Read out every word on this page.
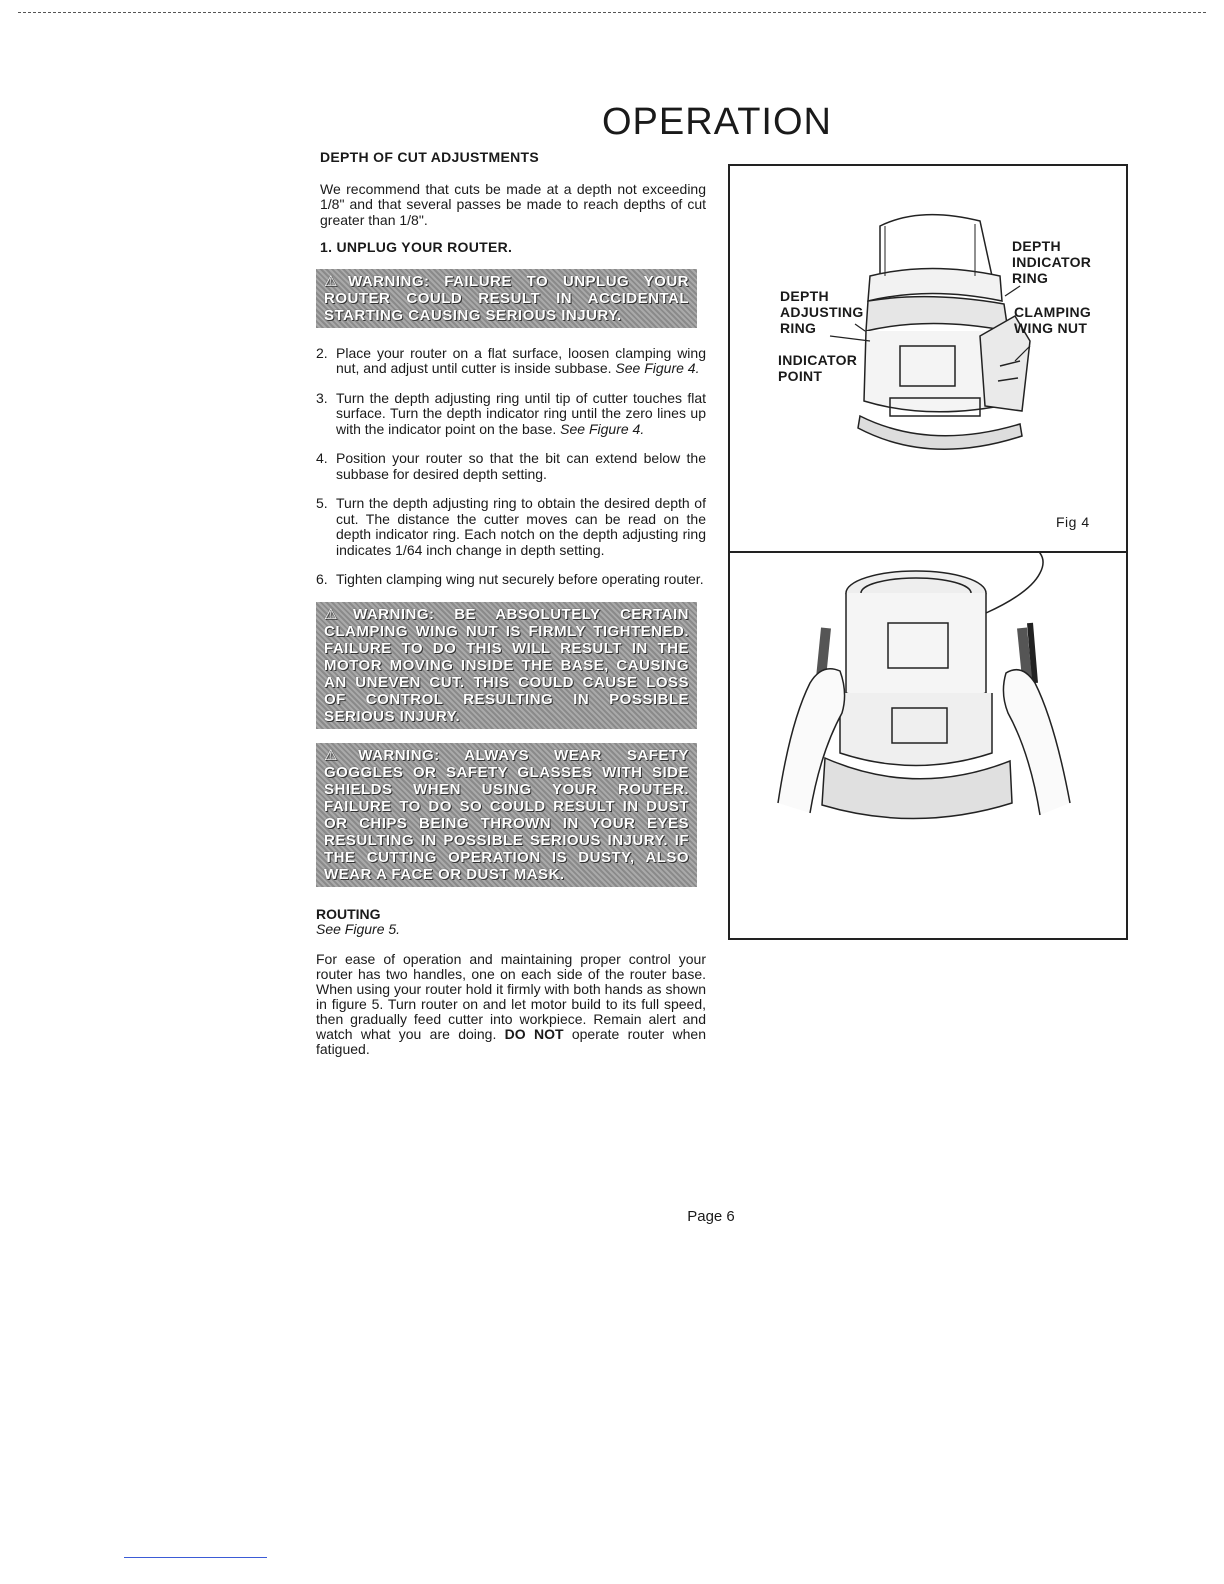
OPERATION
DEPTH OF CUT ADJUSTMENTS

We recommend that cuts be made at a depth not exceeding 1/8" and that several passes be made to reach depths of cut greater than 1/8".

1. UNPLUG YOUR ROUTER.

⚠WARNING: FAILURE TO UNPLUG YOUR ROUTER COULD RESULT IN ACCIDENTAL STARTING CAUSING SERIOUS INJURY.
2. Place your router on a flat surface, loosen clamping wing nut, and adjust until cutter is inside subbase. See Figure 4.
3. Turn the depth adjusting ring until tip of cutter touches flat surface. Turn the depth indicator ring until the zero lines up with the indicator point on the base. See Figure 4.
4. Position your router so that the bit can extend below the subbase for desired depth setting.
5. Turn the depth adjusting ring to obtain the desired depth of cut. The distance the cutter moves can be read on the depth indicator ring. Each notch on the depth adjusting ring indicates 1/64 inch change in depth setting.
6. Tighten clamping wing nut securely before operating router.
⚠WARNING: BE ABSOLUTELY CERTAIN CLAMPING WING NUT IS FIRMLY TIGHTENED. FAILURE TO DO THIS WILL RESULT IN THE MOTOR MOVING INSIDE THE BASE, CAUSING AN UNEVEN CUT. THIS COULD CAUSE LOSS OF CONTROL RESULTING IN POSSIBLE SERIOUS INJURY.
⚠WARNING: ALWAYS WEAR SAFETY GOGGLES OR SAFETY GLASSES WITH SIDE SHIELDS WHEN USING YOUR ROUTER. FAILURE TO DO SO COULD RESULT IN DUST OR CHIPS BEING THROWN IN YOUR EYES RESULTING IN POSSIBLE SERIOUS INJURY. IF THE CUTTING OPERATION IS DUSTY, ALSO WEAR A FACE OR DUST MASK.

ROUTING

See Figure 5.

For ease of operation and maintaining proper control your router has two handles, one on each side of the router base. When using your router hold it firmly with both hands as shown in figure 5. Turn router on and let motor build to its full speed, then gradually feed cutter into workpiece. Remain alert and watch what you are doing. DO NOT operate router when fatigued.

DEPTH
INDICATOR
RING
DEPTH
ADJUSTING
RING
CLAMPING
WING NUT
INDICATOR
POINT
Fig 4
Page 6
